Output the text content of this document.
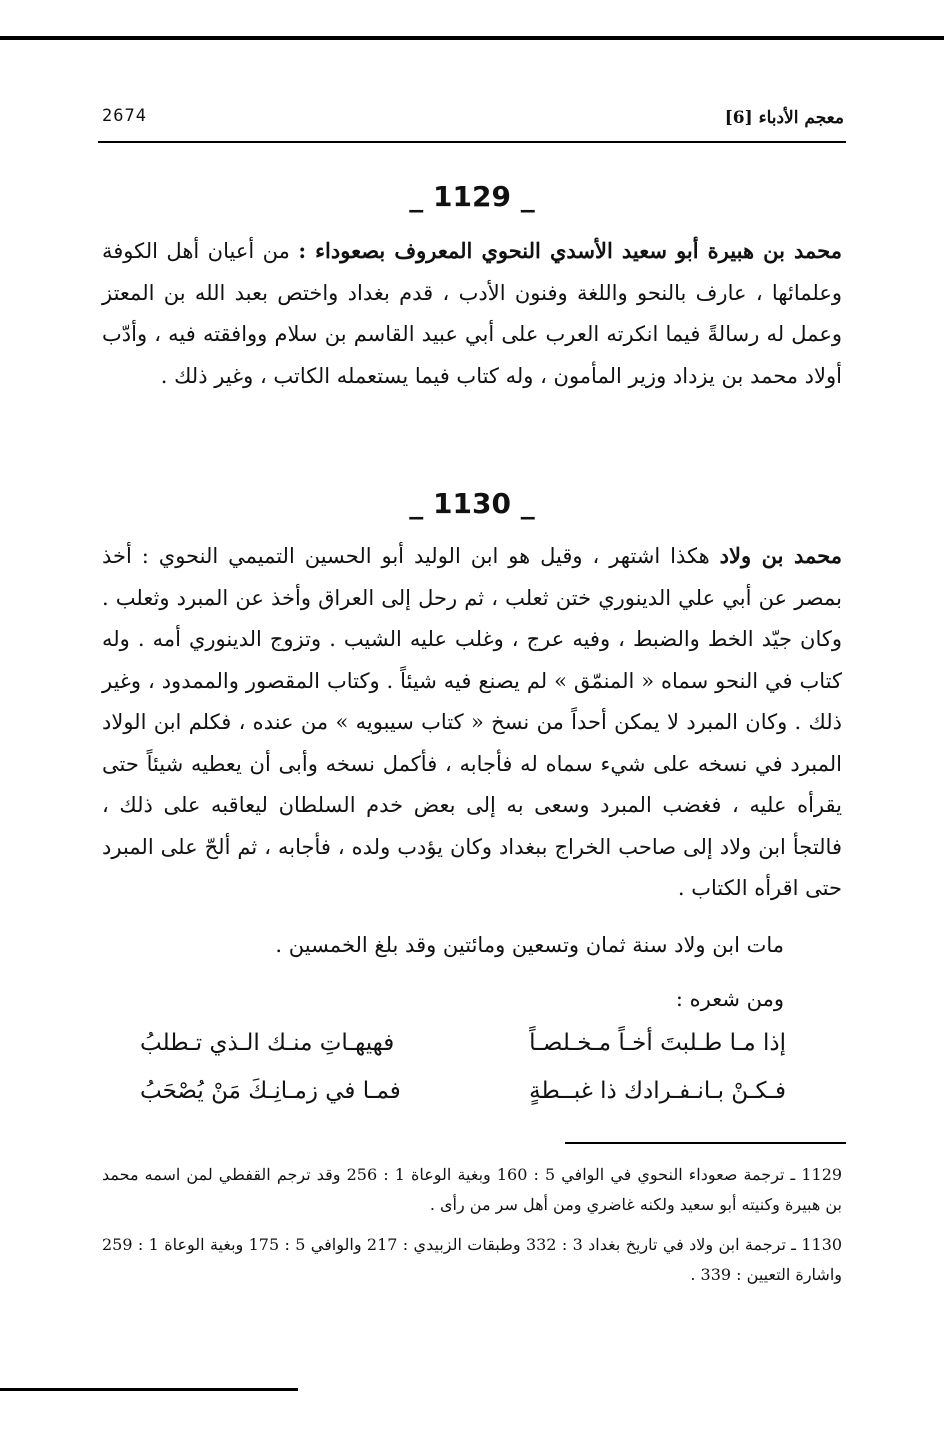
2674	معجم الأدباء [6]
_ 1129 _
محمد بن هبيرة أبو سعيد الأسدي النحوي المعروف بصعوداء : من أعيان أهل الكوفة وعلمائها ، عارف بالنحو واللغة وفنون الأدب ، قدم بغداد واختص بعبد الله بن المعتز وعمل له رسالةً فيما انكرته العرب على أبي عبيد القاسم بن سلام ووافقته فيه ، وأدّب أولاد محمد بن يزداد وزير المأمون ، وله كتاب فيما يستعمله الكاتب ، وغير ذلك .
_ 1130 _
محمد بن ولاد هكذا اشتهر ، وقيل هو ابن الوليد أبو الحسين التميمي النحوي : أخذ بمصر عن أبي علي الدينوري ختن ثعلب ، ثم رحل إلى العراق وأخذ عن المبرد وثعلب . وكان جيّد الخط والضبط ، وفيه عرج ، وغلب عليه الشيب . وتزوج الدينوري أمه . وله كتاب في النحو سماه « المنمّق » لم يصنع فيه شيئاً . وكتاب المقصور والممدود ، وغير ذلك . وكان المبرد لا يمكن أحداً من نسخ « كتاب سيبويه » من عنده ، فكلم ابن الولاد المبرد في نسخه على شيء سماه له فأجابه ، فأكمل نسخه وأبى أن يعطيه شيئاً حتى يقرأه عليه ، فغضب المبرد وسعى به إلى بعض خدم السلطان ليعاقبه على ذلك ، فالتجأ ابن ولاد إلى صاحب الخراج ببغداد وكان يؤدب ولده ، فأجابه ، ثم ألحّ على المبرد حتى اقرأه الكتاب .
مات ابن ولاد سنة ثمان وتسعين ومائتين وقد بلغ الخمسين .
ومن شعره :
إذا مـا طـلبتَ أخـاً مـخـلصـاً
فهيهـاتِ منـك الـذي تـطلبُ
فـكـنْ بـانـفـرادك ذا غبــطةٍ
فمـا في زمـانِـكَ مَنْ يُصْحَبُ
1129 ـ ترجمة صعوداء النحوي في الوافي 5 : 160 وبغية الوعاة 1 : 256 وقد ترجم القفطي لمن اسمه محمد بن هبيرة وكنيته أبو سعيد ولكنه غاضري ومن أهل سر من رأى .
1130 ـ ترجمة ابن ولاد في تاريخ بغداد 3 : 332 وطبقات الزبيدي : 217 والوافي 5 : 175 وبغية الوعاة 1 : 259 واشارة التعيين : 339 .
